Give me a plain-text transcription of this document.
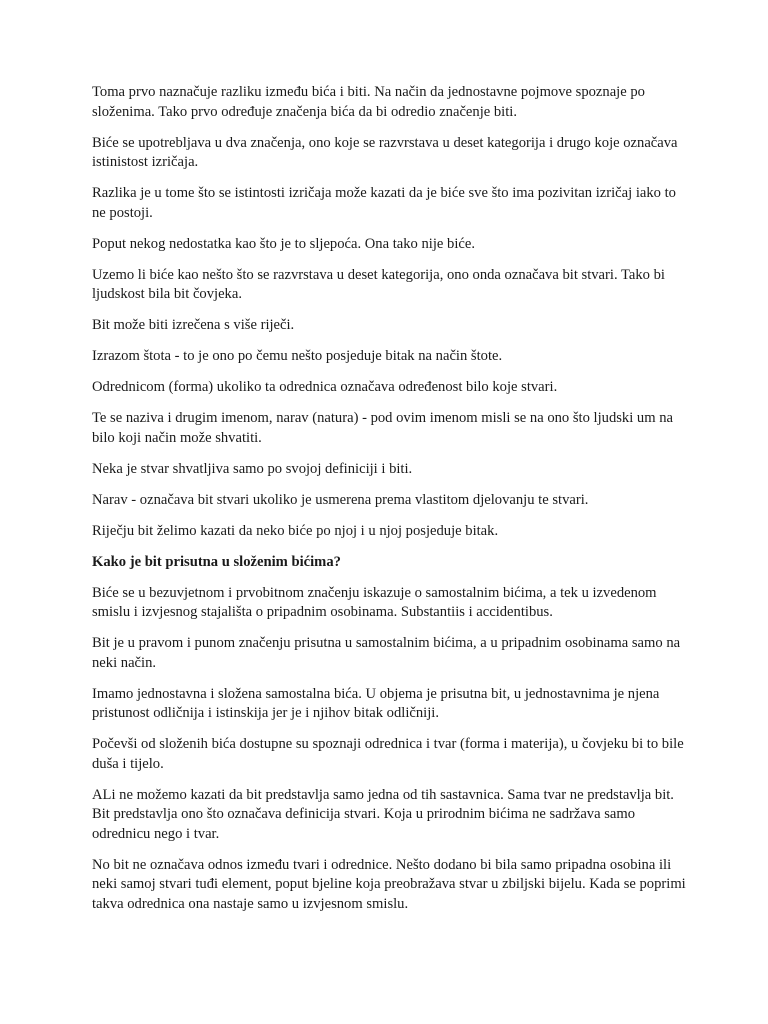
Toma prvo naznačuje razliku između bića i biti. Na način da jednostavne pojmove spoznaje po složenima. Tako prvo određuje značenja bića da bi odredio značenje biti.

Biće se upotrebljava u dva značenja, ono koje se razvrstava u deset kategorija i drugo koje označava istinistost izričaja.

Razlika je u tome što se istintosti izričaja može kazati da je biće sve što ima pozivitan izričaj iako to ne postoji.

Poput nekog nedostatka kao što je to sljepoća. Ona tako nije biće.

Uzemo li biće kao nešto što se razvrstava u deset kategorija, ono onda označava bit stvari. Tako bi ljudskost bila bit čovjeka.

Bit može biti izrečena s više riječi.

Izrazom štota - to je ono po čemu nešto posjeduje bitak na način štote.

Odrednicom (forma) ukoliko ta odrednica označava određenost bilo koje stvari.

Te se naziva i drugim imenom, narav (natura) - pod ovim imenom misli se na ono što ljudski um na bilo koji način može shvatiti.

Neka je stvar shvatljiva samo po svojoj definiciji i biti.

Narav - označava bit stvari ukoliko je usmerena prema vlastitom djelovanju te stvari.

Riječju bit želimo kazati da neko biće po njoj i u njoj posjeduje bitak.

Kako je bit prisutna u složenim bićima?

Biće se u bezuvjetnom i prvobitnom značenju iskazuje o samostalnim bićima, a tek u izvedenom smislu i izvjesnog stajališta o pripadnim osobinama. Substantiis i accidentibus.

Bit je u pravom i punom značenju prisutna u samostalnim bićima, a u pripadnim osobinama samo na neki način.

Imamo jednostavna i složena samostalna bića. U objema je prisutna bit, u jednostavnima je njena pristunost odličnija i istinskija jer je i njihov bitak odličniji.

Počevši od složenih bića dostupne su spoznaji odrednica i tvar (forma i materija), u čovjeku bi to bile duša i tijelo.

ALi ne možemo kazati da bit predstavlja samo jedna od tih sastavnica. Sama tvar ne predstavlja bit. Bit predstavlja ono što označava definicija stvari. Koja u prirodnim bićima ne sadržava samo odrednicu nego i tvar.

No bit ne označava odnos između tvari i odrednice. Nešto dodano bi bila samo pripadna osobina ili neki samoj stvari tuđi element, poput bjeline koja preobražava stvar u zbiljski bijelu. Kada se poprimi takva odrednica ona nastaje samo u izvjesnom smislu.
